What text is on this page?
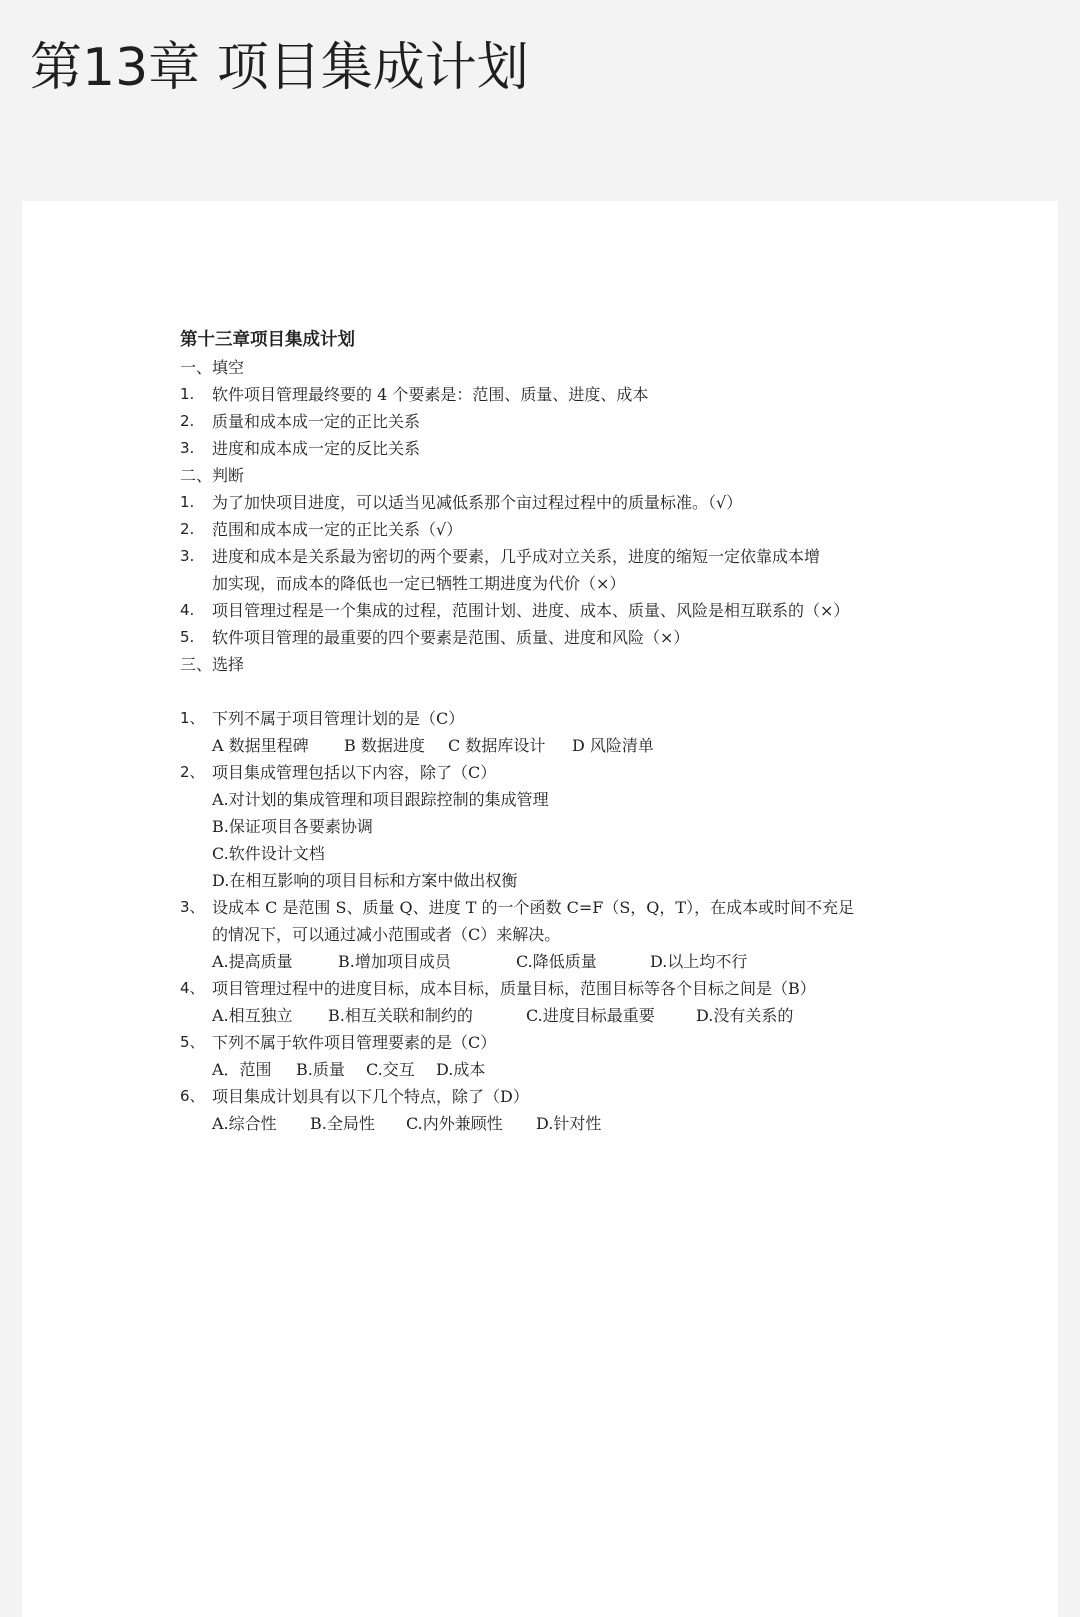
第13章 项目集成计划
第十三章项目集成计划
一、填空
1.	软件项目管理最终要的 4 个要素是：范围、质量、进度、成本
2.	质量和成本成一定的正比关系
3.	进度和成本成一定的反比关系
二、判断
1.	为了加快项目进度，可以适当见减低系那个亩过程过程中的质量标准。（√）
2.	范围和成本成一定的正比关系（√）
3.	进度和成本是关系最为密切的两个要素，几乎成对立关系，进度的缩短一定依靠成本增
加实现，而成本的降低也一定已牺牲工期进度为代价（×）
4.	项目管理过程是一个集成的过程，范围计划、进度、成本、质量、风险是相互联系的（×）
5.	软件项目管理的最重要的四个要素是范围、质量、进度和风险（×）
三、选择
1、 下列不属于项目管理计划的是（C）
A 数据里程碑 B 数据进度 C 数据库设计 D 风险清单
2、 项目集成管理包括以下内容，除了（C）
A.对计划的集成管理和项目跟踪控制的集成管理
B.保证项目各要素协调
C.软件设计文档
D.在相互影响的项目目标和方案中做出权衡
3、 设成本 C 是范围 S、质量 Q、进度 T 的一个函数 C=F（S，Q，T），在成本或时间不充足
的情况下，可以通过减小范围或者（C）来解决。
A.提高质量	B.增加项目成员	C.降低质量	D.以上均不行
4、 项目管理过程中的进度目标，成本目标，质量目标，范围目标等各个目标之间是（B）
A.相互独立 B.相互关联和制约的	C.进度目标最重要	D.没有关系的
5、 下列不属于软件项目管理要素的是（C）
A．范围 B.质量 C.交互 D.成本
6、 项目集成计划具有以下几个特点，除了（D）
A.综合性 B.全局性 C.内外兼顾性 D.针对性
